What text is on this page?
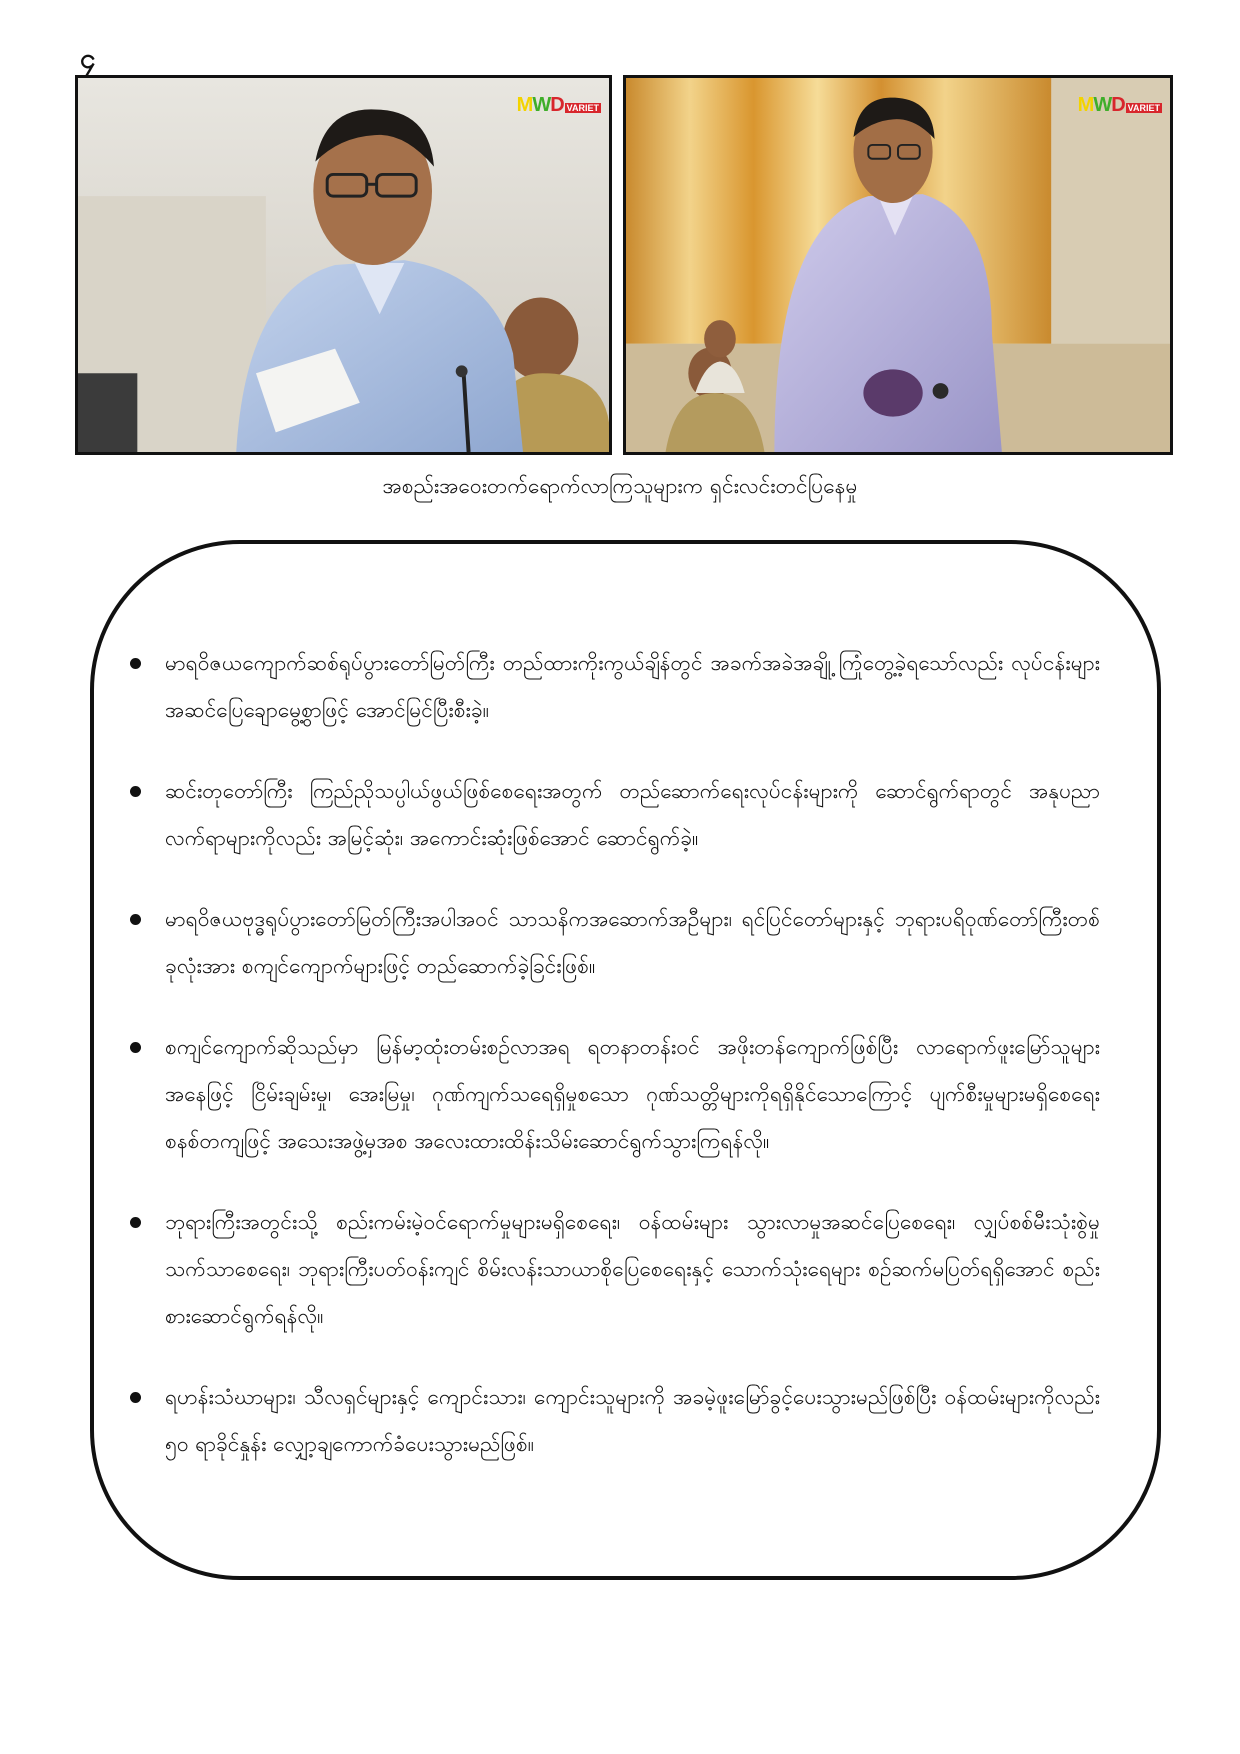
၄
M W D VARIET	M W D VARIET
အစည်းအဝေးတက်ရောက်လာကြသူများက ရှင်းလင်းတင်ပြနေမှု
မာရဝိဇယကျောက်ဆစ်ရုပ်ပွားတော်မြတ်ကြီး တည်ထားကိုးကွယ်ချိန်တွင် အခက်အခဲအချို့ ကြုံတွေ့ခဲ့ရသော်လည်း လုပ်ငန်းများအဆင်ပြေချောမွေ့စွာဖြင့် အောင်မြင်ပြီးစီးခဲ့။
ဆင်းတုတော်ကြီး ကြည်ညိုသပ္ပါယ်ဖွယ်ဖြစ်စေရေးအတွက် တည်ဆောက်ရေးလုပ်ငန်းများကို ဆောင်ရွက်ရာတွင် အနုပညာလက်ရာများကိုလည်း အမြင့်ဆုံး၊ အကောင်းဆုံးဖြစ်အောင် ဆောင်ရွက်ခဲ့။
မာရဝိဇယဗုဒ္ဓရုပ်ပွားတော်မြတ်ကြီးအပါအဝင် သာသနိကအဆောက်အဦများ၊ ရင်ပြင်တော်များနှင့် ဘုရားပရိဝုဏ်တော်ကြီးတစ်ခုလုံးအား စကျင်ကျောက်များဖြင့် တည်ဆောက်ခဲ့ခြင်းဖြစ်။
စကျင်ကျောက်ဆိုသည်မှာ မြန်မာ့ထုံးတမ်းစဉ်လာအရ ရတနာတန်းဝင် အဖိုးတန်ကျောက်ဖြစ်ပြီး လာရောက်ဖူးမြော်သူများအနေဖြင့် ငြိမ်းချမ်းမှု၊ အေးမြမှု၊ ဂုဏ်ကျက်သရေရှိမှုစသော ဂုဏ်သတ္တိများကိုရရှိနိုင်သောကြောင့် ပျက်စီးမှုများမရှိစေရေး စနစ်တကျဖြင့် အသေးအဖွဲ့မှအစ အလေးထားထိန်းသိမ်းဆောင်ရွက်သွားကြရန်လို။
ဘုရားကြီးအတွင်းသို့ စည်းကမ်းမဲ့ဝင်ရောက်မှုများမရှိစေရေး၊ ဝန်ထမ်းများ သွားလာမှုအဆင်ပြေစေရေး၊ လျှပ်စစ်မီးသုံးစွဲမှုသက်သာစေရေး၊ ဘုရားကြီးပတ်ဝန်းကျင် စိမ်းလန်းသာယာစိုပြေစေရေးနှင့် သောက်သုံးရေများ စဉ်ဆက်မပြတ်ရရှိအောင် စည်းစားဆောင်ရွက်ရန်လို။
ရဟန်းသံဃာများ၊ သီလရှင်များနှင့် ကျောင်းသား၊ ကျောင်းသူများကို အခမဲ့ဖူးမြော်ခွင့်ပေးသွားမည်ဖြစ်ပြီး ဝန်ထမ်းများကိုလည်း ၅၀ ရာခိုင်နှုန်း လျှော့ချကောက်ခံပေးသွားမည်ဖြစ်။
